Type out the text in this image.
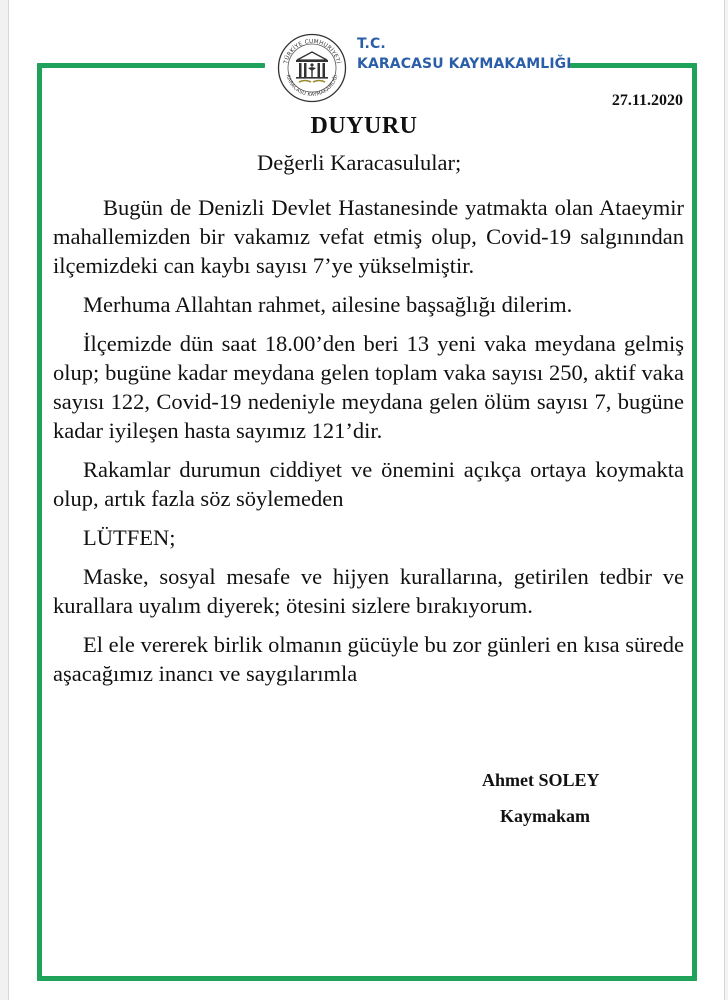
TÜRKİYE CUMHURİYETİ
KARACASU KAYMAKAMLIĞI
T.C.
KARACASU KAYMAKAMLIĞI
27.11.2020
DUYURU
Değerli Karacasulular;

Bugün de Denizli Devlet Hastanesinde yatmakta olan Ataeymir mahallemizden bir vakamız vefat etmiş olup, Covid-19 salgınından ilçemizdeki can kaybı sayısı 7’ye yükselmiştir.

Merhuma Allahtan rahmet, ailesine başsağlığı dilerim.

İlçemizde dün saat 18.00’den beri 13 yeni vaka meydana gelmiş olup; bugüne kadar meydana gelen toplam vaka sayısı 250, aktif vaka sayısı 122, Covid-19 nedeniyle meydana gelen ölüm sayısı 7, bugüne kadar iyileşen hasta sayımız 121’dir.

Rakamlar durumun ciddiyet ve önemini açıkça ortaya koymakta olup, artık fazla söz söylemeden

LÜTFEN;

Maske, sosyal mesafe ve hijyen kurallarına, getirilen tedbir ve kurallara uyalım diyerek; ötesini sizlere bırakıyorum.

El ele vererek birlik olmanın gücüyle bu zor günleri en kısa sürede aşacağımız inancı ve saygılarımla

Ahmet SOLEY
Kaymakam
